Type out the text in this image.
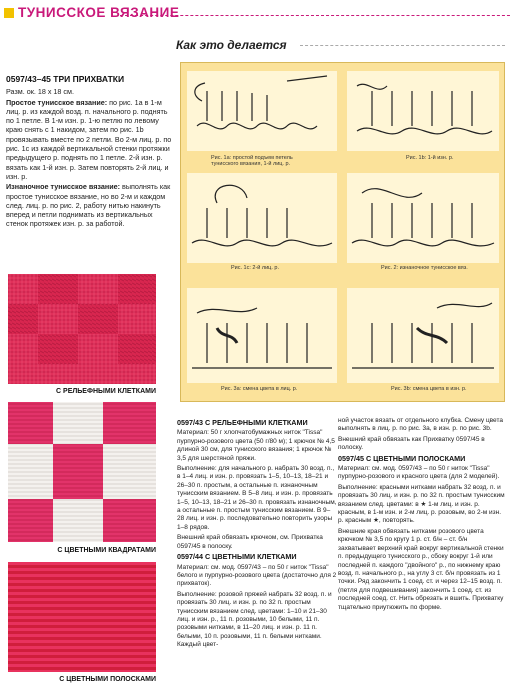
ТУНИССКОЕ ВЯЗАНИЕ
Как это делается
Рис. 1а: простой подъем петель тунисского вязания, 1-й лиц. р.
Рис. 1b: 1-й изн. р.
Рис. 1с: 2-й лиц. р.	Рис. 2: изнаночное тунисское вяз.
Рис. 3а: смена цвета в лиц. р.	Рис. 3b: смена цвета в изн. р.
0597/43–45 ТРИ ПРИХВАТКИ

Разм. ок. 18 х 18 см.

Простое тунисское вязание: по рис. 1а в 1-м лиц. р. из каждой возд. п. начального р. поднять по 1 петле. В 1-м изн. р. 1-ю петлю по левому краю снять с 1 накидом, затем по рис. 1b провязывать вместе по 2 петли. Во 2-м лиц. р. по рис. 1с из каждой вертикальной стенки протяжки предыдущего р. поднять по 1 петле. 2-й изн. р. вязать как 1-й изн. р. Затем повторять 2-й лиц. и изн. р.

Изнаночное тунисское вязание: выполнять как простое тунисское вязание, но во 2-м и каждом след. лиц. р. по рис. 2, работу нитью накинуть вперед и петли поднимать из вертикальных стенок протяжек изн. р. за работой.

С РЕЛЬЕФНЫМИ КЛЕТКАМИ
С ЦВЕТНЫМИ КВАДРАТАМИ
С ЦВЕТНЫМИ ПОЛОСКАМИ
0597/43 С РЕЛЬЕФНЫМИ КЛЕТКАМИ

Материал: 50 г хлопчатобумажных ниток "Tissa" пурпурно-розового цвета (50 г/80 м); 1 крючок № 4,5 длиной 30 см, для тунисского вязания; 1 крючок № 3,5 для шерстяной пряжи.

Выполнение: для начального р. набрать 30 возд. п., в 1–4 лиц. и изн. р. провязать 1–5, 10–13, 18–21 и 26–30 п. простым, а остальные п. изнаночным тунисским вязанием. В 5–8 лиц. и изн. р. провязать 1–5, 10–13, 18–21 и 26–30 п. провязать изнаночным, а остальные п. простым тунисским вязанием. В 9–28 лиц. и изн. р. последовательно повторить узоры 1–8 рядов.

Внешний край обвязать крючком, см. Прихватка 0597/45 в полоску.

0597/44 С ЦВЕТНЫМИ КЛЕТКАМИ

Материал: см. мод. 0597/43 – по 50 г ниток "Tissa" белого и пурпурно-розового цвета (достаточно для 2 прихваток).

Выполнение: розовой пряжей набрать 32 возд. п. и провязать 30 лиц. и изн. р. по 32 п. простым тунисским вязанием след. цветами: 1–10 и 21–30 лиц. и изн. р., 11 п. розовыми, 10 белыми, 11 п. розовыми нитками, в 11–20 лиц. и изн. р. 11 п. белыми, 10 п. розовыми, 11 п. белыми нитками. Каждый цвет-

ной участок вязать от отдельного клубка. Смену цвета выполнять в лиц. р. по рис. 3а, в изн. р. по рис. 3b.

Внешний край обвязать как Прихватку 0597/45 в полоску.

0597/45 С ЦВЕТНЫМИ ПОЛОСКАМИ

Материал: см. мод. 0597/43 – по 50 г ниток "Tissa" пурпурно-розового и красного цвета (для 2 моделей).

Выполнение: красными нитками набрать 32 возд. п. и провязать 30 лиц. и изн. р. по 32 п. простым тунисским вязанием след. цветами: в ★ 1-м лиц. и изн. р. красным, в 1-м изн. и 2-м лиц. р. розовым, во 2-м изн. р. красным ★, повторять.

Внешние края обвязать нитками розового цвета крючком № 3,5 по кругу 1 р. ст. б/н – ст. б/н захватывает верхний край вокруг вертикальной стенки п. предыдущего тунисского р., сбоку вокруг 1-й или последней п. каждого "двойного" р., по нижнему краю возд. п. начального р., на углу 3 ст. б/н провязать из 1 точки. Ряд закончить 1 соед. ст. и через 12–15 возд. п. (петля для подвешивания) закончить 1 соед. ст. из последней соед. ст. Нить обрезать и вшить. Прихватку тщательно приутюжить по форме.
